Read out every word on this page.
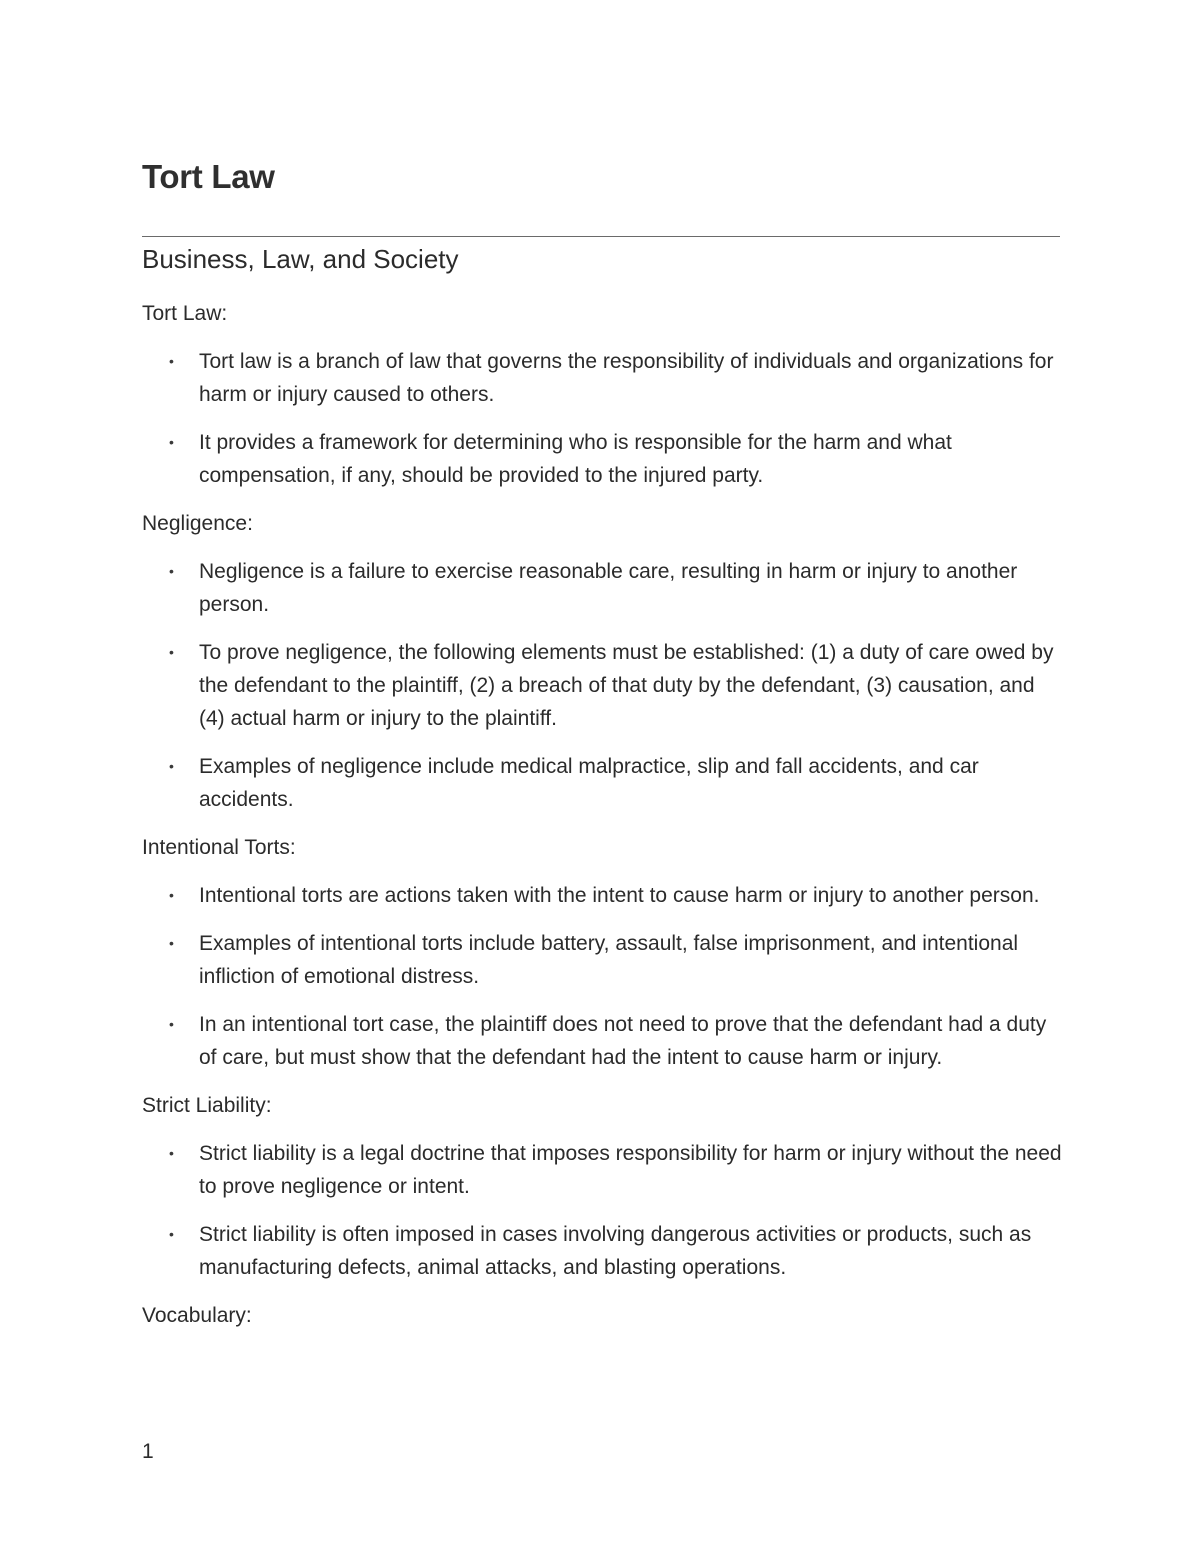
Tort Law
Business, Law, and Society

Tort Law:

• Tort law is a branch of law that governs the responsibility of individuals and organizations for harm or injury caused to others.
• It provides a framework for determining who is responsible for the harm and what compensation, if any, should be provided to the injured party.

Negligence:

• Negligence is a failure to exercise reasonable care, resulting in harm or injury to another person.
• To prove negligence, the following elements must be established: (1) a duty of care owed by the defendant to the plaintiff, (2) a breach of that duty by the defendant, (3) causation, and (4) actual harm or injury to the plaintiff.
• Examples of negligence include medical malpractice, slip and fall accidents, and car accidents.

Intentional Torts:

• Intentional torts are actions taken with the intent to cause harm or injury to another person.
• Examples of intentional torts include battery, assault, false imprisonment, and intentional infliction of emotional distress.
• In an intentional tort case, the plaintiff does not need to prove that the defendant had a duty of care, but must show that the defendant had the intent to cause harm or injury.

Strict Liability:

• Strict liability is a legal doctrine that imposes responsibility for harm or injury without the need to prove negligence or intent.
• Strict liability is often imposed in cases involving dangerous activities or products, such as manufacturing defects, animal attacks, and blasting operations.

Vocabulary:

1
